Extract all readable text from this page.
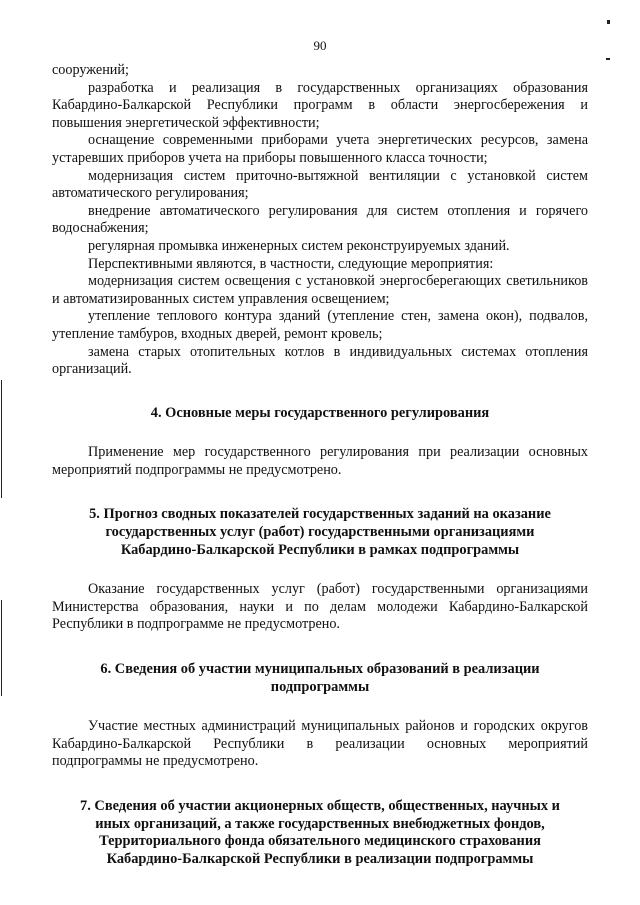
90

сооружений;

разработка и реализация в государственных организациях образования Кабардино-Балкарской Республики программ в области энергосбережения и повышения энергетической эффективности;

оснащение современными приборами учета энергетических ресурсов, замена устаревших приборов учета на приборы повышенного класса точности;

модернизация систем приточно-вытяжной вентиляции с установкой систем автоматического регулирования;

внедрение автоматического регулирования для систем отопления и горячего водоснабжения;

регулярная промывка инженерных систем реконструируемых зданий.

Перспективными являются, в частности, следующие мероприятия:

модернизация систем освещения с установкой энергосберегающих светильников и автоматизированных систем управления освещением;

утепление теплового контура зданий (утепление стен, замена окон), подвалов, утепление тамбуров, входных дверей, ремонт кровель;

замена старых отопительных котлов в индивидуальных системах отопления организаций.

4. Основные меры государственного регулирования

Применение мер государственного регулирования при реализации основных мероприятий подпрограммы не предусмотрено.

5. Прогноз сводных показателей государственных заданий на оказание государственных услуг (работ) государственными организациями Кабардино-Балкарской Республики в рамках подпрограммы

Оказание государственных услуг (работ) государственными организациями Министерства образования, науки и по делам молодежи Кабардино-Балкарской Республики в подпрограмме не предусмотрено.

6. Сведения об участии муниципальных образований в реализации подпрограммы

Участие местных администраций муниципальных районов и городских округов Кабардино-Балкарской Республики в реализации основных мероприятий подпрограммы не предусмотрено.

7. Сведения об участии акционерных обществ, общественных, научных и иных организаций, а также государственных внебюджетных фондов, Территориального фонда обязательного медицинского страхования Кабардино-Балкарской Республики в реализации подпрограммы
